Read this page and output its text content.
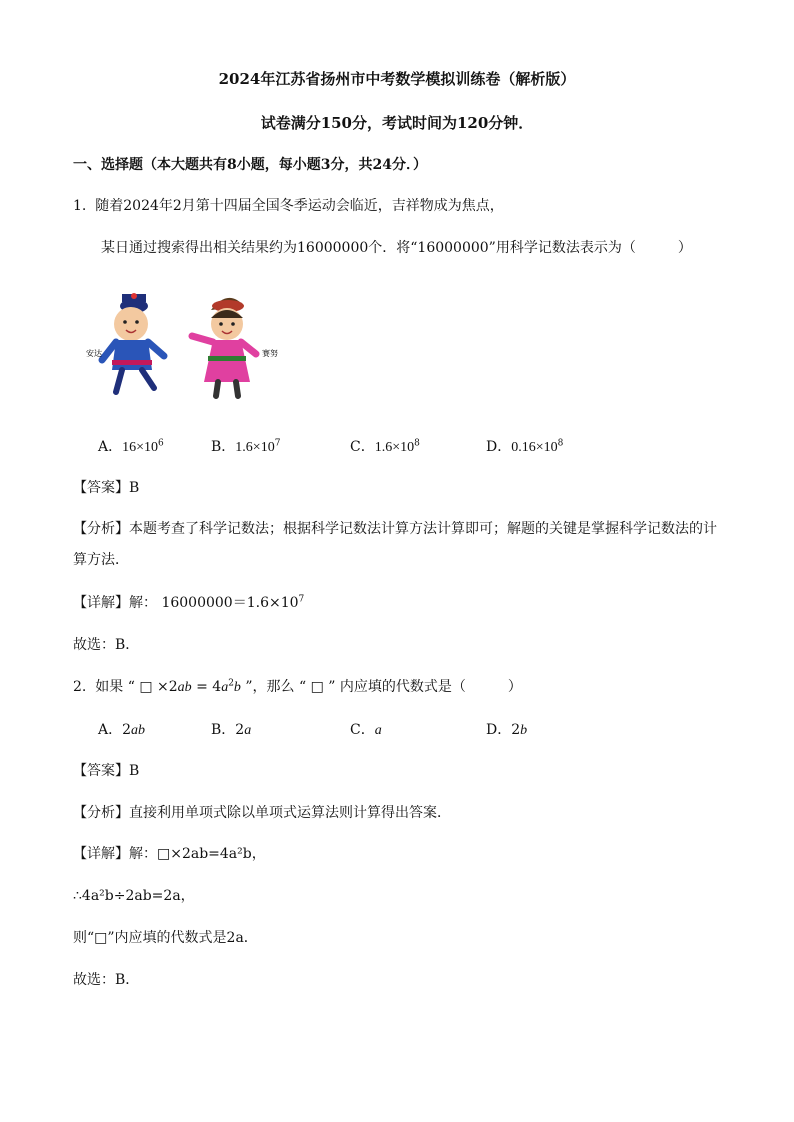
2024年江苏省扬州市中考数学模拟训练卷（解析版）
试卷满分150分，考试时间为120分钟．
一、选择题（本大题共有8小题，每小题3分，共24分．）
1. 随着2024年2月第十四届全国冬季运动会临近，吉祥物成为焦点，
某日通过搜索得出相关结果约为16000000个．将“16000000”用科学记数法表示为（　　　）
安达	赛努
A．$16\times 10^6$	B．$1.6\times 10^7$	C．$1.6\times 10^8$	D．$0.16\times 10^8$
【答案】B
【分析】本题考查了科学记数法；根据科学记数法计算方法计算即可；解题的关键是掌握科学记数法的计
算方法．
【详解】解： $16000000=1.6\times 10^7$
故选：B．
2. 如果 “ □ $\times 2ab = 4a^2b$ ”，那么 “ □ ” 内应填的代数式是（　　　）
A．2ab	B．2a	C．a	D．2b
【答案】B
【分析】直接利用单项式除以单项式运算法则计算得出答案．
【详解】解：□×2ab=4a²b，
∴4a²b÷2ab=2a，
则“□”内应填的代数式是2a．
故选：B．
